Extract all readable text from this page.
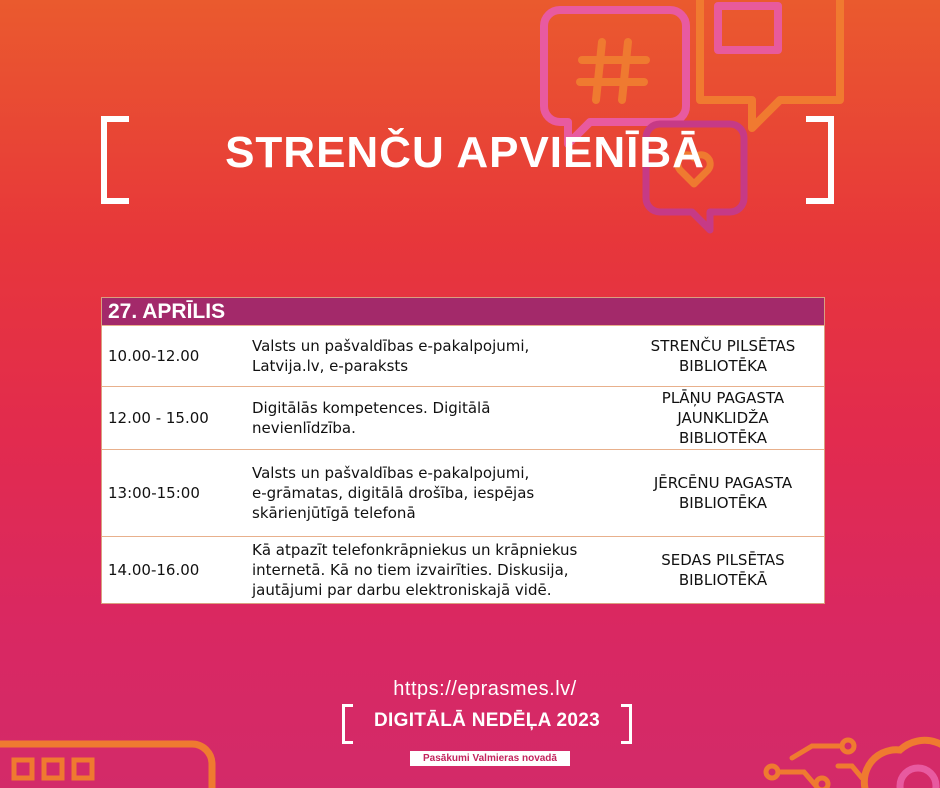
STRENČU APVIENĪBĀ
27. APRĪLIS
10.00-12.00
Valsts un pašvaldības e-pakalpojumi,
Latvija.lv, e-paraksts
STRENČU PILSĒTAS
BIBLIOTĒKA
12.00 - 15.00
Digitālās kompetences. Digitālā
nevienlīdzība.
PLĀŅU PAGASTA
JAUNKLIDŽA
BIBLIOTĒKA
13:00-15:00
Valsts un pašvaldības e-pakalpojumi,
e-grāmatas, digitālā drošība, iespējas
skārienjūtīgā telefonā
JĒRCĒNU PAGASTA
BIBLIOTĒKA
14.00-16.00
Kā atpazīt telefonkrāpniekus un krāpniekus
internetā. Kā no tiem izvairīties. Diskusija,
jautājumi par darbu elektroniskajā vidē.
SEDAS PILSĒTAS
BIBLIOTĒKĀ
https://eprasmes.lv/
DIGITĀLĀ NEDĒĻA 2023
Pasākumi Valmieras novadā
